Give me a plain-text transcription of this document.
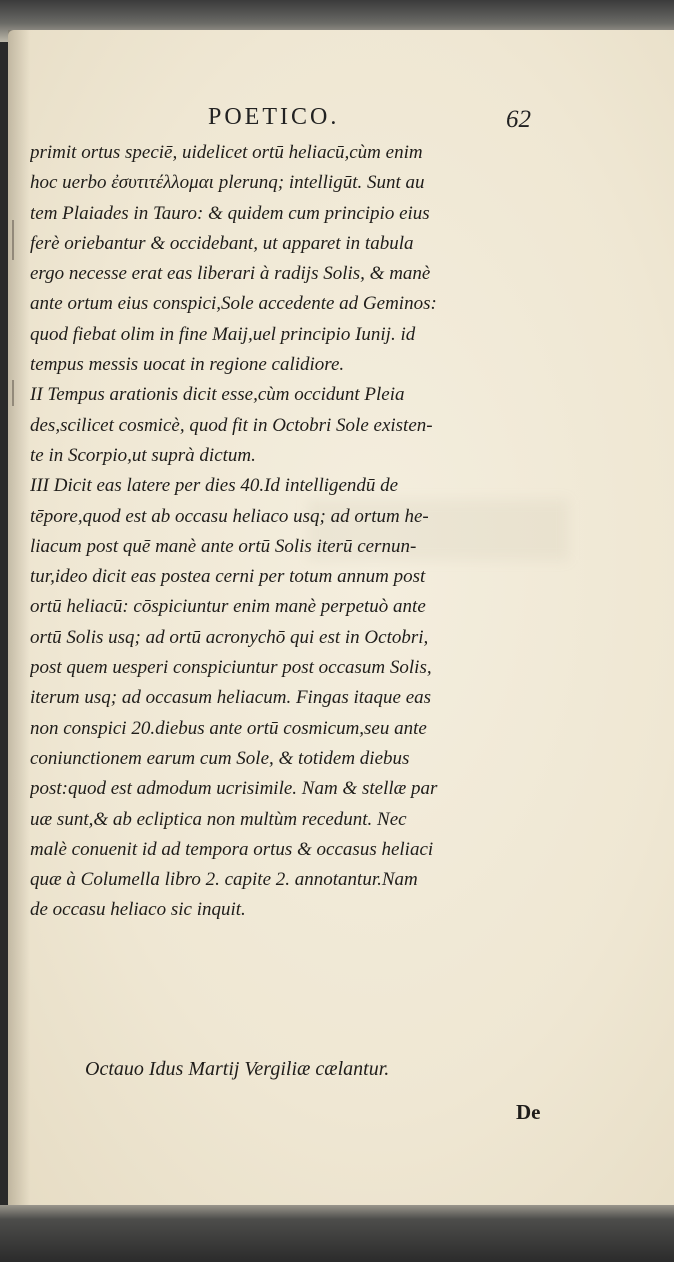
POETICO.	62
primit ortus speciē, uidelicet ortū heliacū,cùm enim
hoc uerbo ἐσυτιτέλλομαι plerunq; intelligūt. Sunt au
tem Plaiades in Tauro: & quidem cum principio eius
ferè oriebantur & occidebant, ut apparet in tabula
ergo necesse erat eas liberari à radijs Solis, & manè
ante ortum eius conspici,Sole accedente ad Geminos:
quod fiebat olim in fine Maij,uel principio Iunij. id
tempus messis uocat in regione calidiore.
II Tempus arationis dicit esse,cùm occidunt Pleia
des,scilicet cosmicè, quod fit in Octobri Sole existen-
te in Scorpio,ut suprà dictum.
III Dicit eas latere per dies 40.Id intelligendū de
tēpore,quod est ab occasu heliaco usq; ad ortum he-
liacum post quē manè ante ortū Solis iterū cernun-
tur,ideo dicit eas postea cerni per totum annum post
ortū heliacū: cōspiciuntur enim manè perpetuò ante
ortū Solis usq; ad ortū acronychō qui est in Octobri,
post quem uesperi conspiciuntur post occasum Solis,
iterum usq; ad occasum heliacum. Fingas itaque eas
non conspici 20.diebus ante ortū cosmicum,seu ante
coniunctionem earum cum Sole, & totidem diebus
post:quod est admodum ucrisimile. Nam & stellæ par
uæ sunt,& ab ecliptica non multùm recedunt. Nec
malè conuenit id ad tempora ortus & occasus heliaci
quæ à Columella libro 2. capite 2. annotantur.Nam
de occasu heliaco sic inquit.
Octauo Idus Martij Vergiliæ cælantur.
De
